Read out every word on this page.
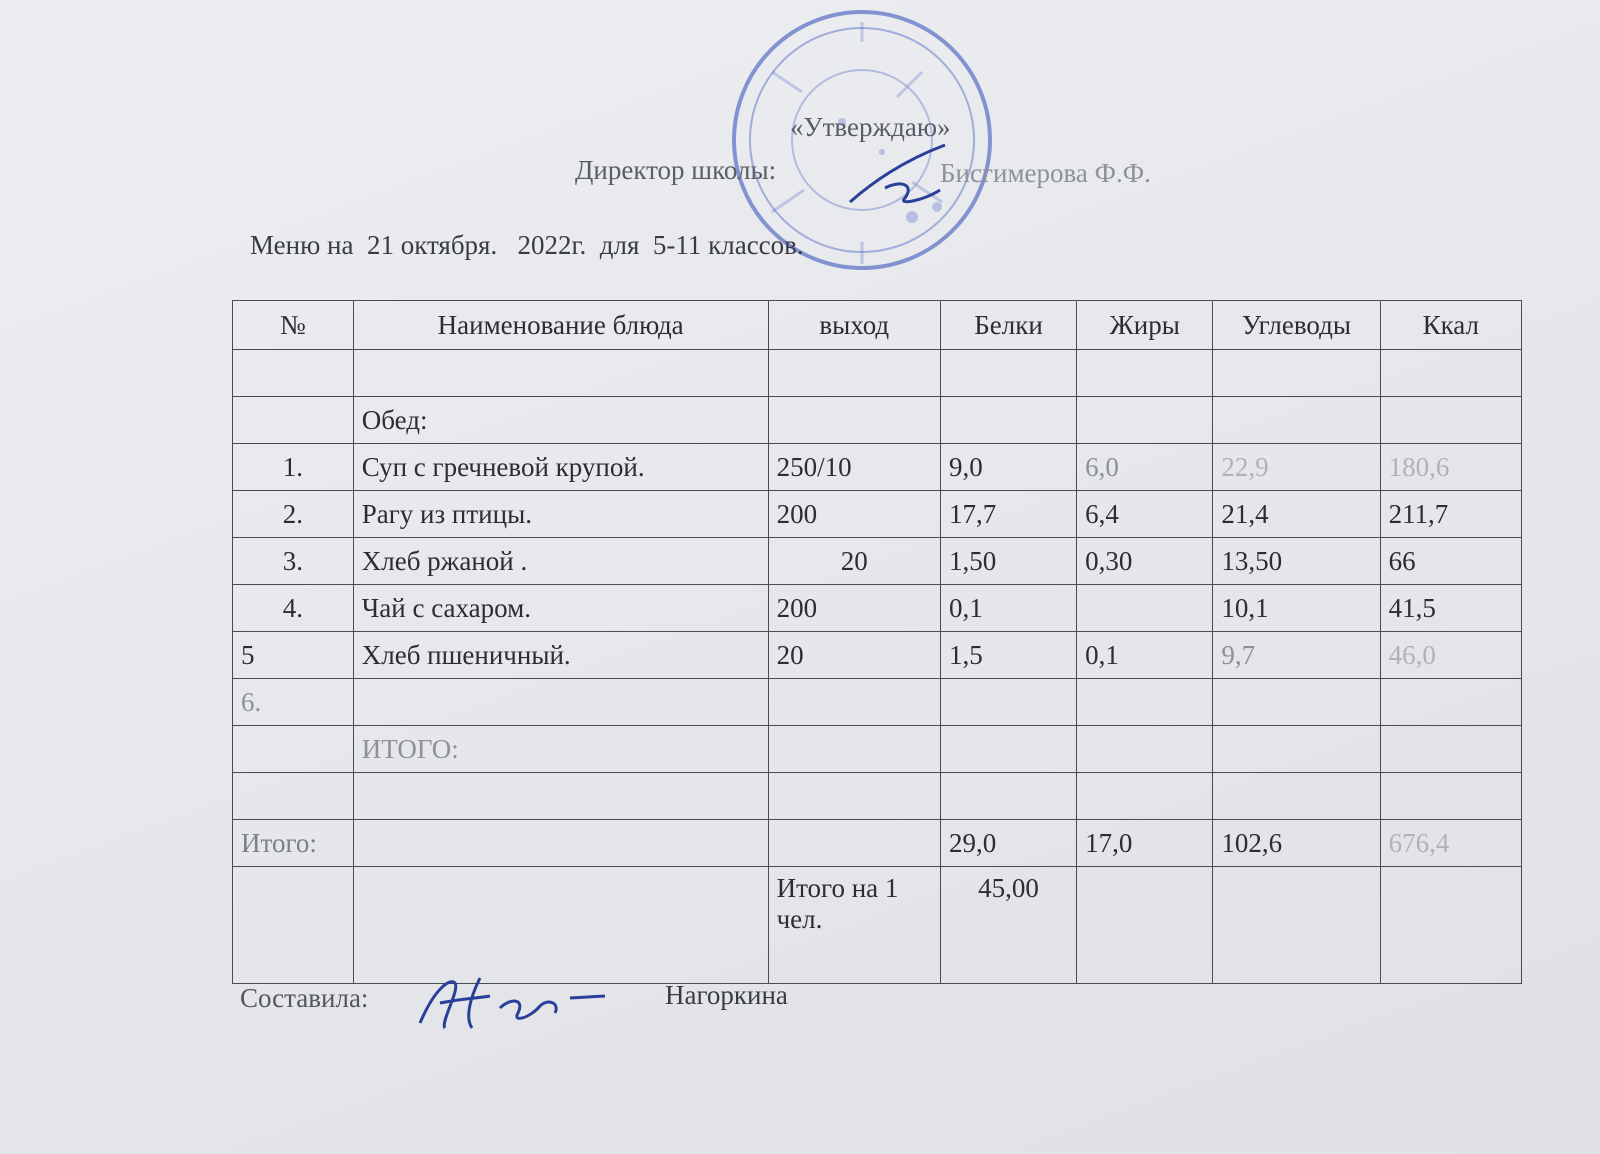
«Утверждаю»
Директор школы:	Бисгимерова Ф.Ф.
Меню на  21 октября.   2022г.  для  5-11 классов.
№	Наименование блюда	выход	Белки	Жиры	Углеводы	Ккал

	Обед:					
1.	Суп с гречневой крупой.	250/10	9,0	6,0	22,9	180,6
2.	Рагу из птицы.	200	17,7	6,4	21,4	211,7
3.	Хлеб ржаной .	20	1,50	0,30	13,50	66
4.	Чай с сахаром.	200	0,1		10,1	41,5
5	Хлеб пшеничный.	20	1,5	0,1	9,7	46,0
6.						
	ИТОГО:					

Итого:			29,0	17,0	102,6	676,4
		Итого на 1 чел.	45,00			
Составила:	Нагоркина
